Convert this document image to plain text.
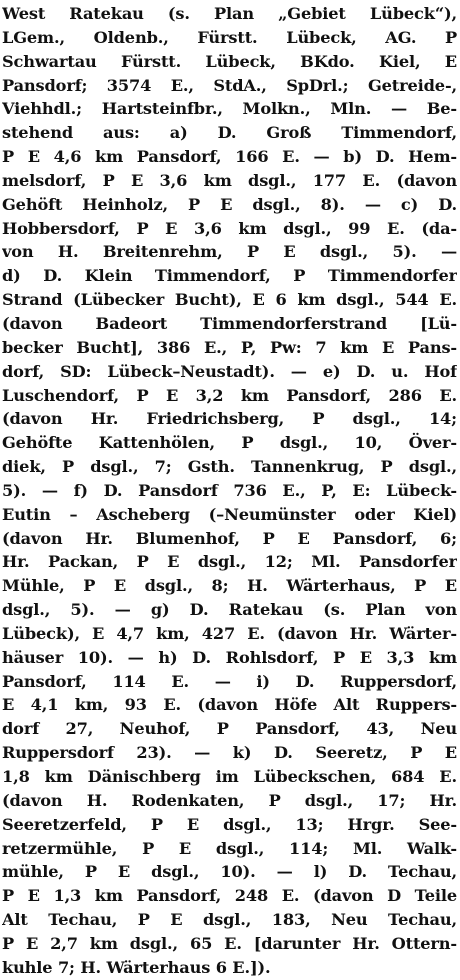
West Ratekau (s. Plan „Gebiet Lübeck“),
LGem., Oldenb., Fürstt. Lübeck, AG. P
Schwartau Fürstt. Lübeck, BKdo. Kiel, E
Pansdorf; 3574 E., StdA., SpDrl.; Getreide-,
Viehhdl.; Hartsteinfbr., Molkn., Mln. — Be-
stehend aus: a) D. Groß Timmendorf,
P E 4,6 km Pansdorf, 166 E. — b) D. Hem-
melsdorf, P E 3,6 km dsgl., 177 E. (davon
Gehöft Heinholz, P E dsgl., 8). — c) D.
Hobbersdorf, P E 3,6 km dsgl., 99 E. (da-
von H. Breitenrehm, P E dsgl., 5). —
d) D. Klein Timmendorf, P Timmendorfer
Strand (Lübecker Bucht), E 6 km dsgl., 544 E.
(davon Badeort Timmendorferstrand [Lü-
becker Bucht], 386 E., P, Pw: 7 km E Pans-
dorf, SD: Lübeck–Neustadt). — e) D. u. Hof
Luschendorf, P E 3,2 km Pansdorf, 286 E.
(davon Hr. Friedrichsberg, P dsgl., 14;
Gehöfte Kattenhölen, P dsgl., 10, Över-
diek, P dsgl., 7; Gsth. Tannenkrug, P dsgl.,
5). — f) D. Pansdorf 736 E., P, E: Lübeck-
Eutin – Ascheberg (–Neumünster oder Kiel)
(davon Hr. Blumenhof, P E Pansdorf, 6;
Hr. Packan, P E dsgl., 12; Ml. Pansdorfer
Mühle, P E dsgl., 8; H. Wärterhaus, P E
dsgl., 5). — g) D. Ratekau (s. Plan von
Lübeck), E 4,7 km, 427 E. (davon Hr. Wärter-
häuser 10). — h) D. Rohlsdorf, P E 3,3 km
Pansdorf, 114 E. — i) D. Ruppersdorf,
E 4,1 km, 93 E. (davon Höfe Alt Ruppers-
dorf 27, Neuhof, P Pansdorf, 43, Neu
Ruppersdorf 23). — k) D. Seeretz, P E
1,8 km Dänischberg im Lübeckschen, 684 E.
(davon H. Rodenkaten, P dsgl., 17; Hr.
Seeretzerfeld, P E dsgl., 13; Hrgr. See-
retzermühle, P E dsgl., 114; Ml. Walk-
mühle, P E dsgl., 10). — l) D. Techau,
P E 1,3 km Pansdorf, 248 E. (davon D Teile
Alt Techau, P E dsgl., 183, Neu Techau,
P E 2,7 km dsgl., 65 E. [darunter Hr. Ottern-
kuhle 7; H. Wärterhaus 6 E.]).
